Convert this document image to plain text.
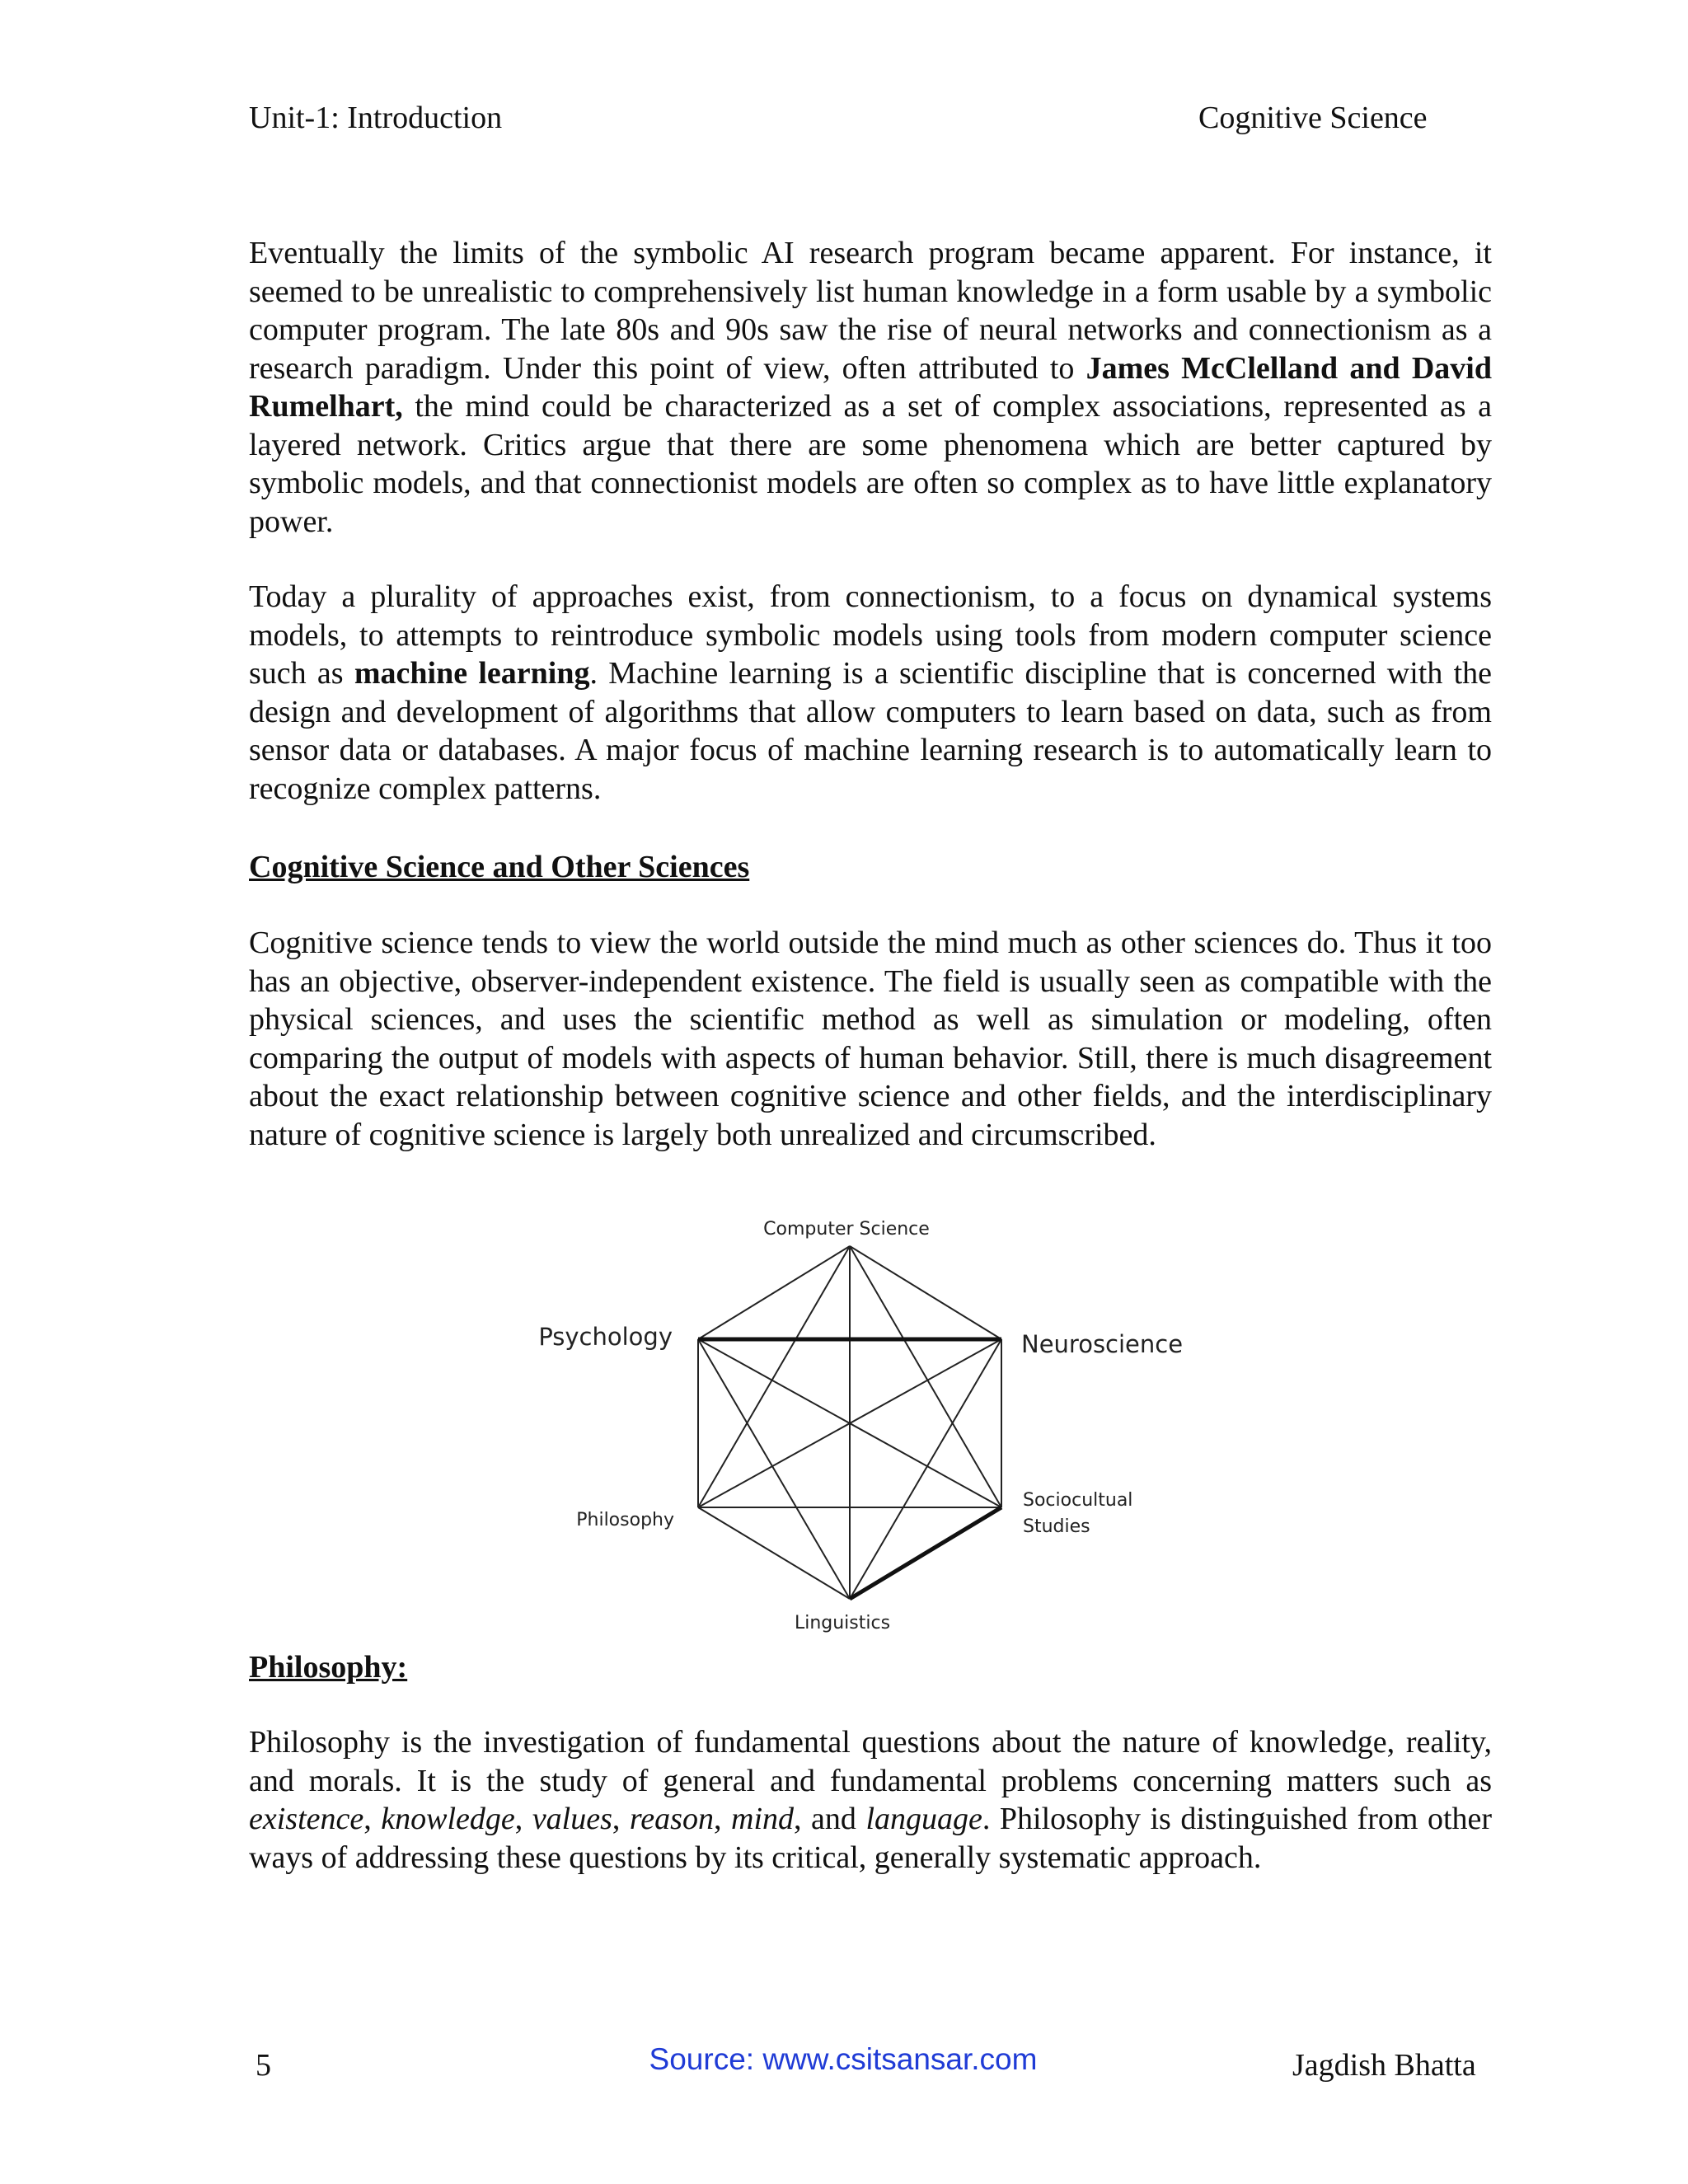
Unit-1: Introduction	Cognitive Science

Eventually the limits of the symbolic AI research program became apparent. For instance, it seemed to be unrealistic to comprehensively list human knowledge in a form usable by a symbolic computer program. The late 80s and 90s saw the rise of neural networks and connectionism as a research paradigm. Under this point of view, often attributed to James McClelland and David Rumelhart, the mind could be characterized as a set of complex associations, represented as a layered network. Critics argue that there are some phenomena which are better captured by symbolic models, and that connectionist models are often so complex as to have little explanatory power.

Today a plurality of approaches exist, from connectionism, to a focus on dynamical systems models, to attempts to reintroduce symbolic models using tools from modern computer science such as machine learning. Machine learning is a scientific discipline that is concerned with the design and development of algorithms that allow computers to learn based on data, such as from sensor data or databases. A major focus of machine learning research is to automatically learn to recognize complex patterns.

Cognitive Science and Other Sciences

Cognitive science tends to view the world outside the mind much as other sciences do. Thus it too has an objective, observer-independent existence. The field is usually seen as compatible with the physical sciences, and uses the scientific method as well as simulation or modeling, often comparing the output of models with aspects of human behavior. Still, there is much disagreement about the exact relationship between cognitive science and other fields, and the interdisciplinary nature of cognitive science is largely both unrealized and circumscribed.

Computer Science
Psychology	Neuroscience
Philosophy
Sociocultual
Studies
Linguistics
Philosophy:

Philosophy is the investigation of fundamental questions about the nature of knowledge, reality, and morals. It is the study of general and fundamental problems concerning matters such as existence, knowledge, values, reason, mind, and language. Philosophy is distinguished from other ways of addressing these questions by its critical, generally systematic approach.

5	Source: www.csitsansar.com	Jagdish Bhatta
